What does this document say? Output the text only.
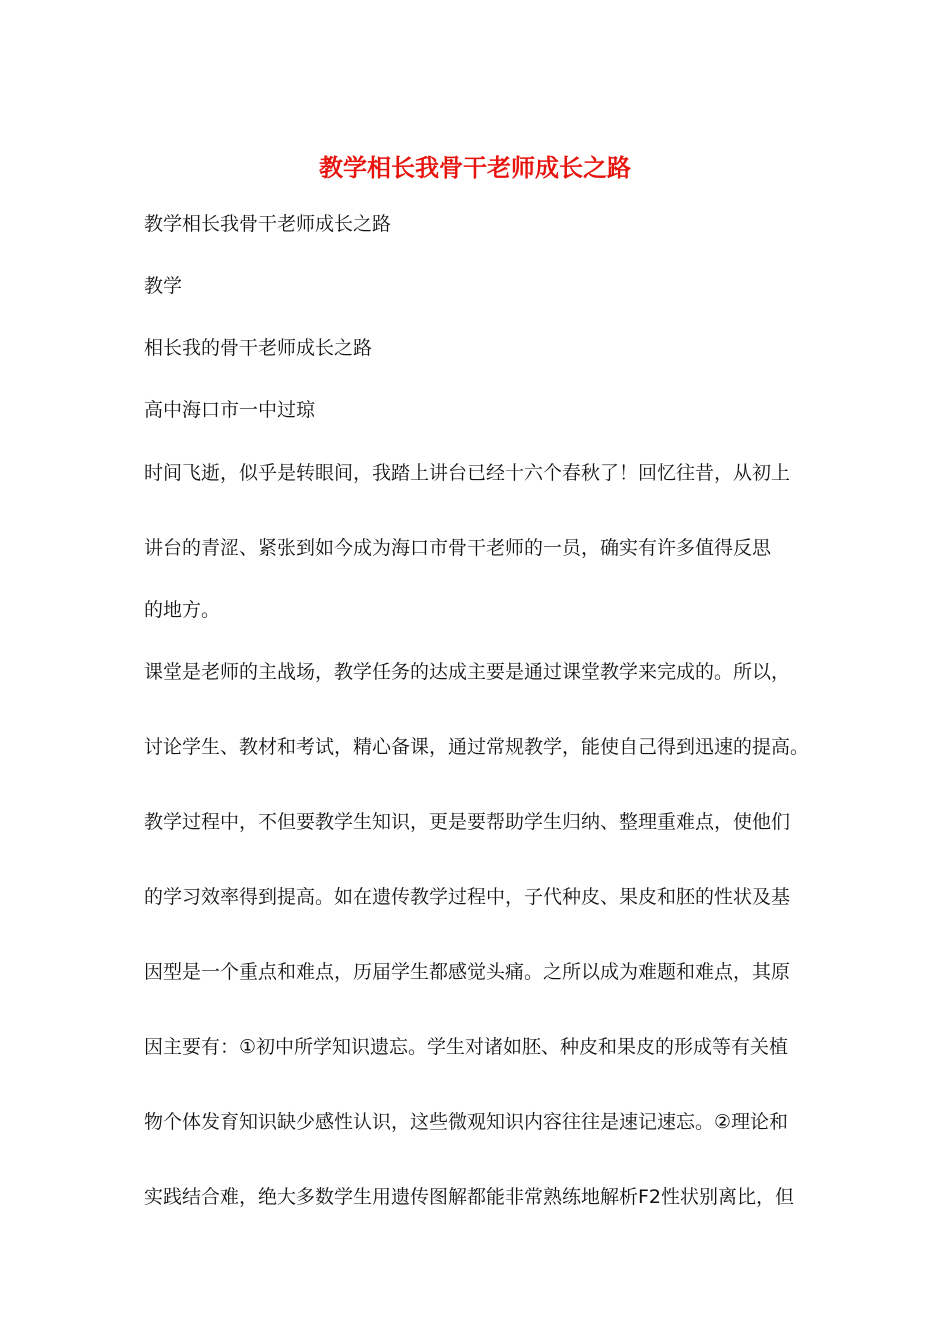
教学相长我骨干老师成长之路
教学相长我骨干老师成长之路
教学
相长我的骨干老师成长之路
高中海口市一中过琼
时间飞逝，似乎是转眼间，我踏上讲台已经十六个春秋了！回忆往昔，从初上
讲台的青涩、紧张到如今成为海口市骨干老师的一员，确实有许多值得反思
的地方。
课堂是老师的主战场，教学任务的达成主要是通过课堂教学来完成的。所以，
讨论学生、教材和考试，精心备课，通过常规教学，能使自己得到迅速的提高。
教学过程中，不但要教学生知识，更是要帮助学生归纳、整理重难点，使他们
的学习效率得到提高。如在遗传教学过程中，子代种皮、果皮和胚的性状及基
因型是一个重点和难点，历届学生都感觉头痛。之所以成为难题和难点，其原
因主要有：①初中所学知识遗忘。学生对诸如胚、种皮和果皮的形成等有关植
物个体发育知识缺少感性认识，这些微观知识内容往往是速记速忘。②理论和
实践结合难，绝大多数学生用遗传图解都能非常熟练地解析F2性状别离比，但
